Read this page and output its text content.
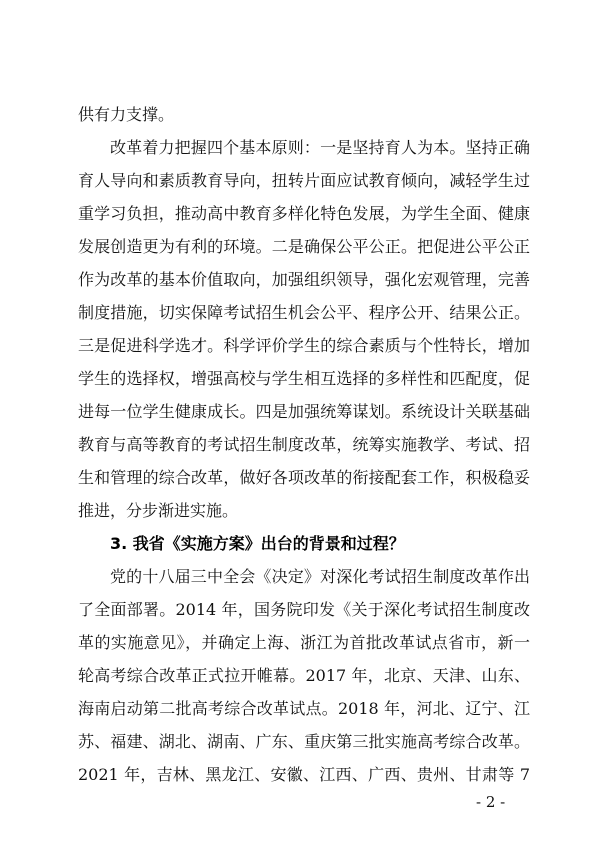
供有力支撑。
改革着力把握四个基本原则：一是坚持育人为本。坚持正确
育人导向和素质教育导向，扭转片面应试教育倾向，减轻学生过
重学习负担，推动高中教育多样化特色发展，为学生全面、健康
发展创造更为有利的环境。二是确保公平公正。把促进公平公正
作为改革的基本价值取向，加强组织领导，强化宏观管理，完善
制度措施，切实保障考试招生机会公平、程序公开、结果公正。
三是促进科学选才。科学评价学生的综合素质与个性特长，增加
学生的选择权，增强高校与学生相互选择的多样性和匹配度，促
进每一位学生健康成长。四是加强统筹谋划。系统设计关联基础
教育与高等教育的考试招生制度改革，统筹实施教学、考试、招
生和管理的综合改革，做好各项改革的衔接配套工作，积极稳妥
推进，分步渐进实施。
3. 我省《实施方案》出台的背景和过程？
党的十八届三中全会《决定》对深化考试招生制度改革作出
了全面部署。2014 年，国务院印发《关于深化考试招生制度改
革的实施意见》，并确定上海、浙江为首批改革试点省市，新一
轮高考综合改革正式拉开帷幕。2017 年，北京、天津、山东、
海南启动第二批高考综合改革试点。2018 年，河北、辽宁、江
苏、福建、湖北、湖南、广东、重庆第三批实施高考综合改革。
2021 年，吉林、黑龙江、安徽、江西、广西、贵州、甘肃等 7
- 2 -
